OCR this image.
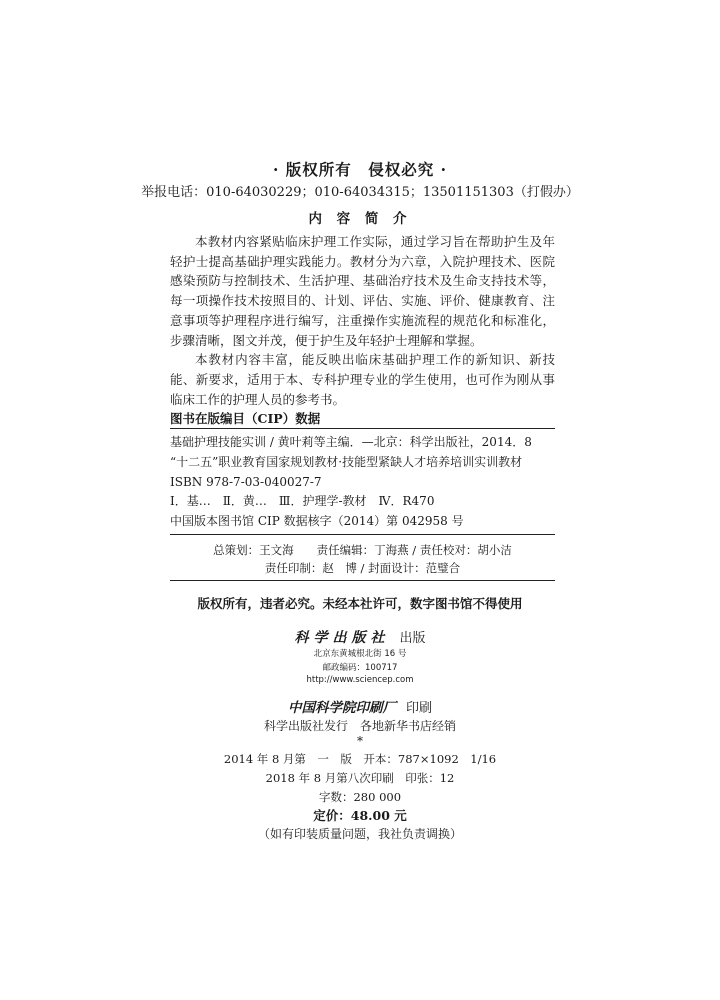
· 版权所有　侵权必究 ·
举报电话：010-64030229；010-64034315；13501151303（打假办）
内 容 简 介

本教材内容紧贴临床护理工作实际，通过学习旨在帮助护生及年轻护士提高基础护理实践能力。教材分为六章，入院护理技术、医院感染预防与控制技术、生活护理、基础治疗技术及生命支持技术等，每一项操作技术按照目的、计划、评估、实施、评价、健康教育、注意事项等护理程序进行编写，注重操作实施流程的规范化和标准化，步骤清晰，图文并茂，便于护生及年轻护士理解和掌握。

本教材内容丰富，能反映出临床基础护理工作的新知识、新技能、新要求，适用于本、专科护理专业的学生使用，也可作为刚从事临床工作的护理人员的参考书。

图书在版编目（CIP）数据
基础护理技能实训 / 黄叶莉等主编．—北京：科学出版社，2014．8
“十二五”职业教育国家规划教材·技能型紧缺人才培养培训实训教材
ISBN 978-7-03-040027-7
Ⅰ．基…　Ⅱ．黄…　Ⅲ．护理学-教材　Ⅳ．R470
中国版本图书馆 CIP 数据核字（2014）第 042958 号
总策划：王文海　　责任编辑：丁海燕 / 责任校对：胡小洁
责任印制：赵　博 / 封面设计：范璧合
版权所有，违者必究。未经本社许可，数字图书馆不得使用
科学出版社 出版
北京东黄城根北街 16 号
邮政编码：100717
http://www.sciencep.com
中国科学院印刷厂 印刷
科学出版社发行　各地新华书店经销
*
2014 年 8 月第　一　版　开本：787×1092　1/16
2018 年 8 月第八次印刷　印张：12
字数：280 000
定价：48.00 元
（如有印装质量问题，我社负责调换）
